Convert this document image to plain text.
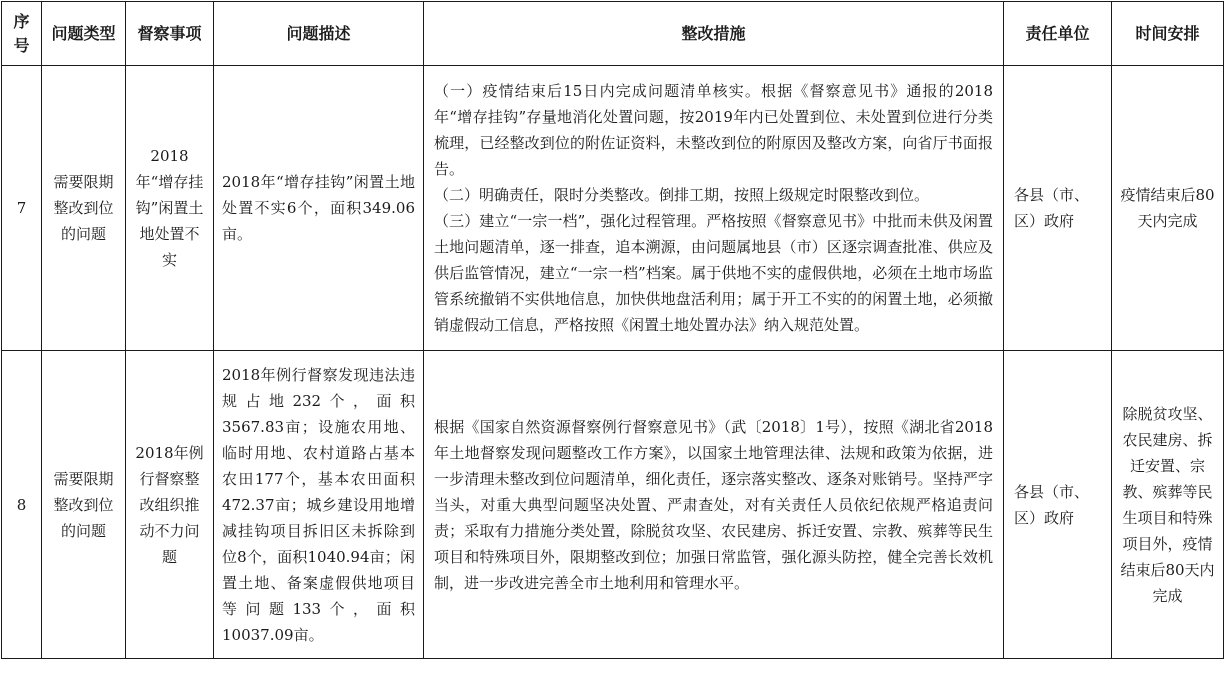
序号	问题类型	督察事项	问题描述	整改措施	责任单位	时间安排
7	需要限期整改到位的问题	2018 年“增存挂钩”闲置土地处置不实	2018年“增存挂钩”闲置土地处置不实6个，面积349.06亩。	（一）疫情结束后15日内完成问题清单核实。根据《督察意见书》通报的2018年“增存挂钩”存量地消化处置问题，按2019年内已处置到位、未处置到位进行分类梳理，已经整改到位的附佐证资料，未整改到位的附原因及整改方案，向省厅书面报告。
（二）明确责任，限时分类整改。倒排工期，按照上级规定时限整改到位。
（三）建立“一宗一档”，强化过程管理。严格按照《督察意见书》中批而未供及闲置土地问题清单，逐一排查，追本溯源，由问题属地县（市）区逐宗调查批准、供应及供后监管情况，建立“一宗一档”档案。属于供地不实的虚假供地，必须在土地市场监管系统撤销不实供地信息，加快供地盘活利用；属于开工不实的的闲置土地，必须撤销虚假动工信息，严格按照《闲置土地处置办法》纳入规范处置。	各县（市、区）政府	疫情结束后80天内完成
8	需要限期整改到位的问题	2018年例行督察整改组织推动不力问题	2018年例行督察发现违法违规占地232个，面积3567.83亩；设施农用地、临时用地、农村道路占基本农田177个，基本农田面积472.37亩；城乡建设用地增减挂钩项目拆旧区未拆除到位8个，面积1040.94亩；闲置土地、备案虚假供地项目等问题133个，面积10037.09亩。	根据《国家自然资源督察例行督察意见书》（武〔2018〕1号），按照《湖北省2018年土地督察发现问题整改工作方案》，以国家土地管理法律、法规和政策为依据，进一步清理未整改到位问题清单，细化责任，逐宗落实整改、逐条对账销号。坚持严字当头，对重大典型问题坚决处置、严肃查处，对有关责任人员依纪依规严格追责问责；采取有力措施分类处置，除脱贫攻坚、农民建房、拆迁安置、宗教、殡葬等民生项目和特殊项目外，限期整改到位；加强日常监管，强化源头防控，健全完善长效机制，进一步改进完善全市土地利用和管理水平。	各县（市、区）政府	除脱贫攻坚、农民建房、拆迁安置、宗教、殡葬等民生项目和特殊项目外，疫情结束后80天内完成
